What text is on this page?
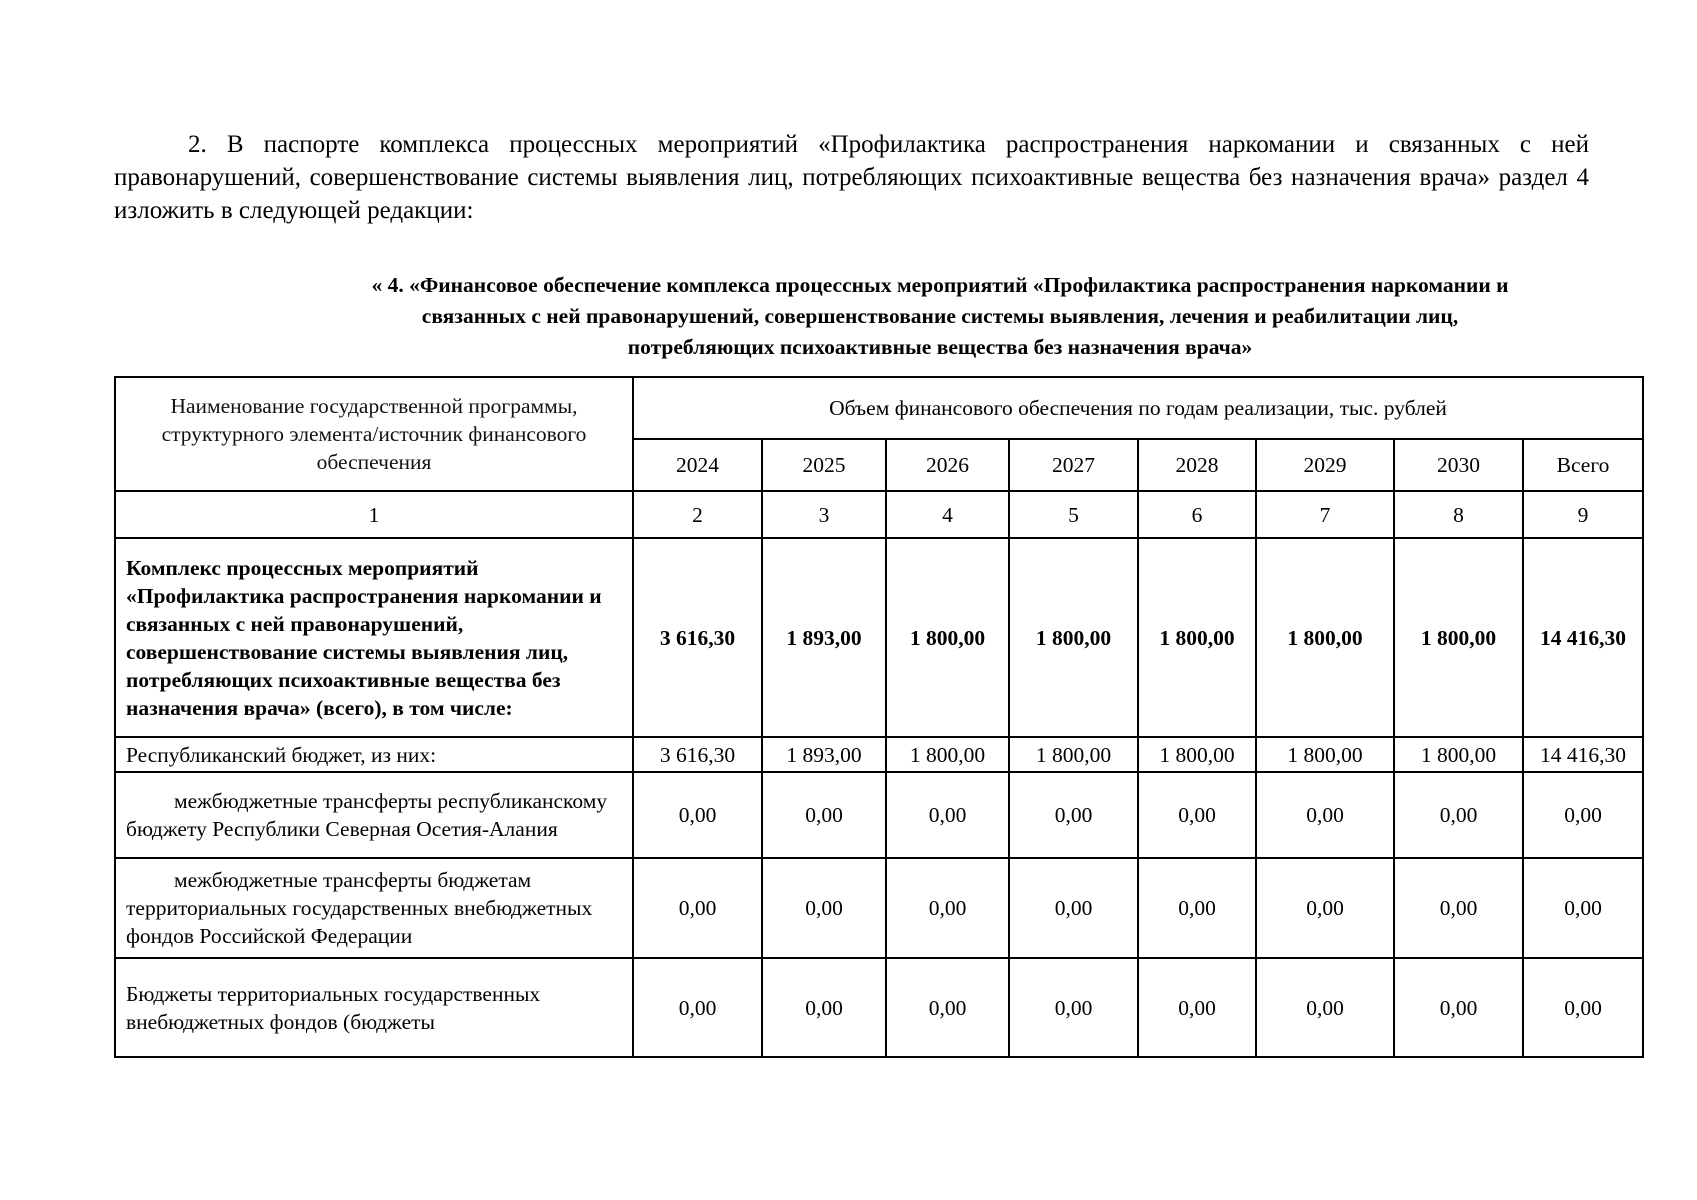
2. В паспорте комплекса процессных мероприятий «Профилактика распространения наркомании и связанных с ней правонарушений, совершенствование системы выявления лиц, потребляющих психоактивные вещества без назначения врача» раздел 4 изложить в следующей редакции:

« 4. «Финансовое обеспечение комплекса процессных мероприятий «Профилактика распространения наркомании и
связанных с ней правонарушений, совершенствование системы выявления, лечения и реабилитации лиц,
потребляющих психоактивные вещества без назначения врача»
Наименование государственной программы, структурного элемента/источник финансового обеспечения	Объем финансового обеспечения по годам реализации, тыс. рублей							
	2024	2025	2026	2027	2028	2029	2030	Всего
1	2	3	4	5	6	7	8	9
Комплекс процессных мероприятий «Профилактика распространения наркомании и связанных с ней правонарушений, совершенствование системы выявления лиц, потребляющих психоактивные вещества без назначения врача» (всего), в том числе:	3 616,30	1 893,00	1 800,00	1 800,00	1 800,00	1 800,00	1 800,00	14 416,30
Республиканский бюджет, из них:	3 616,30	1 893,00	1 800,00	1 800,00	1 800,00	1 800,00	1 800,00	14 416,30
межбюджетные трансферты республиканскому бюджету Республики Северная Осетия-Алания	0,00	0,00	0,00	0,00	0,00	0,00	0,00	0,00
межбюджетные трансферты бюджетам территориальных государственных внебюджетных фондов Российской Федерации	0,00	0,00	0,00	0,00	0,00	0,00	0,00	0,00
Бюджеты территориальных государственных внебюджетных фондов (бюджеты	0,00	0,00	0,00	0,00	0,00	0,00	0,00	0,00
